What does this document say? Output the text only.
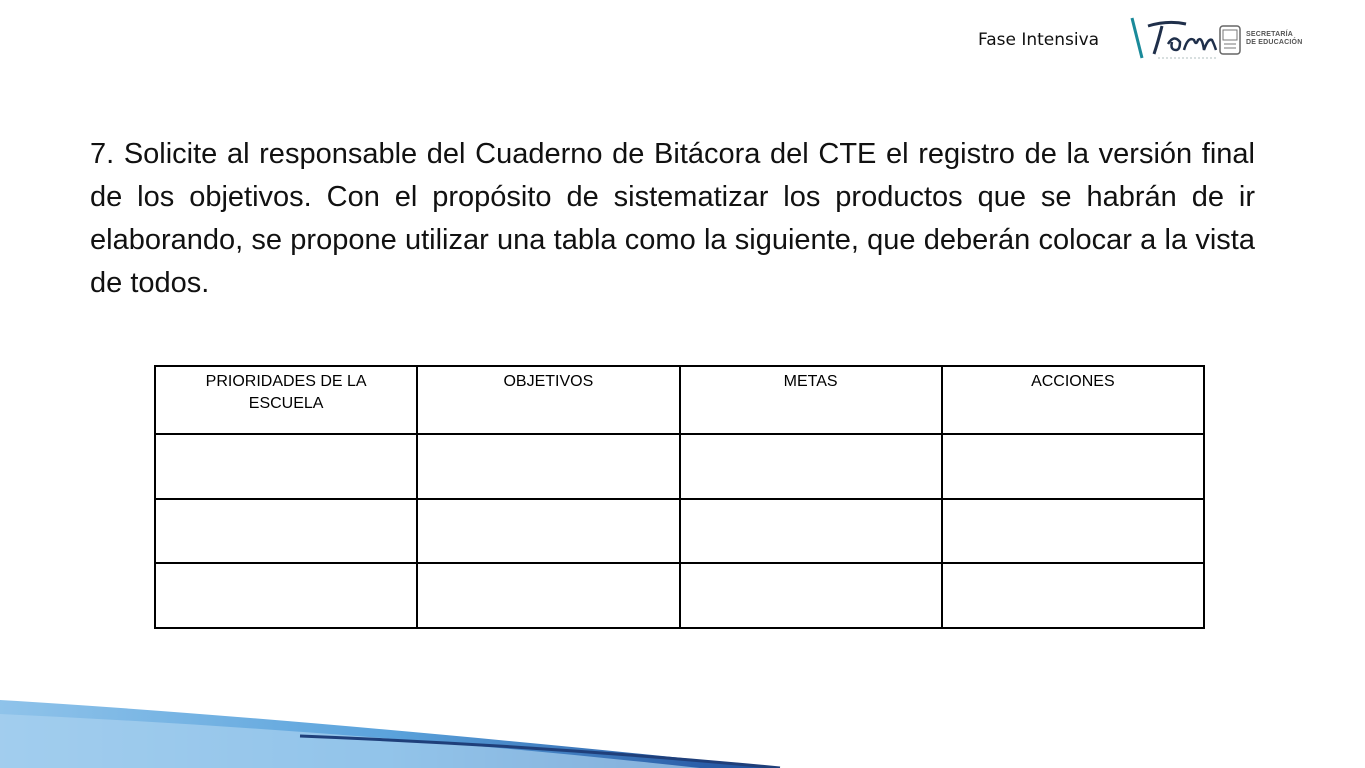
Fase Intensiva
Tam
SECRETARÍA
DE EDUCACIÓN

7. Solicite al responsable del Cuaderno de Bitácora del CTE el registro de la versión final de los objetivos. Con el propósito de sistematizar los productos que se habrán de ir elaborando, se propone utilizar una tabla como la siguiente, que deberán colocar a la vista de todos.

PRIORIDADES DE LA ESCUELA	OBJETIVOS	METAS	ACCIONES
